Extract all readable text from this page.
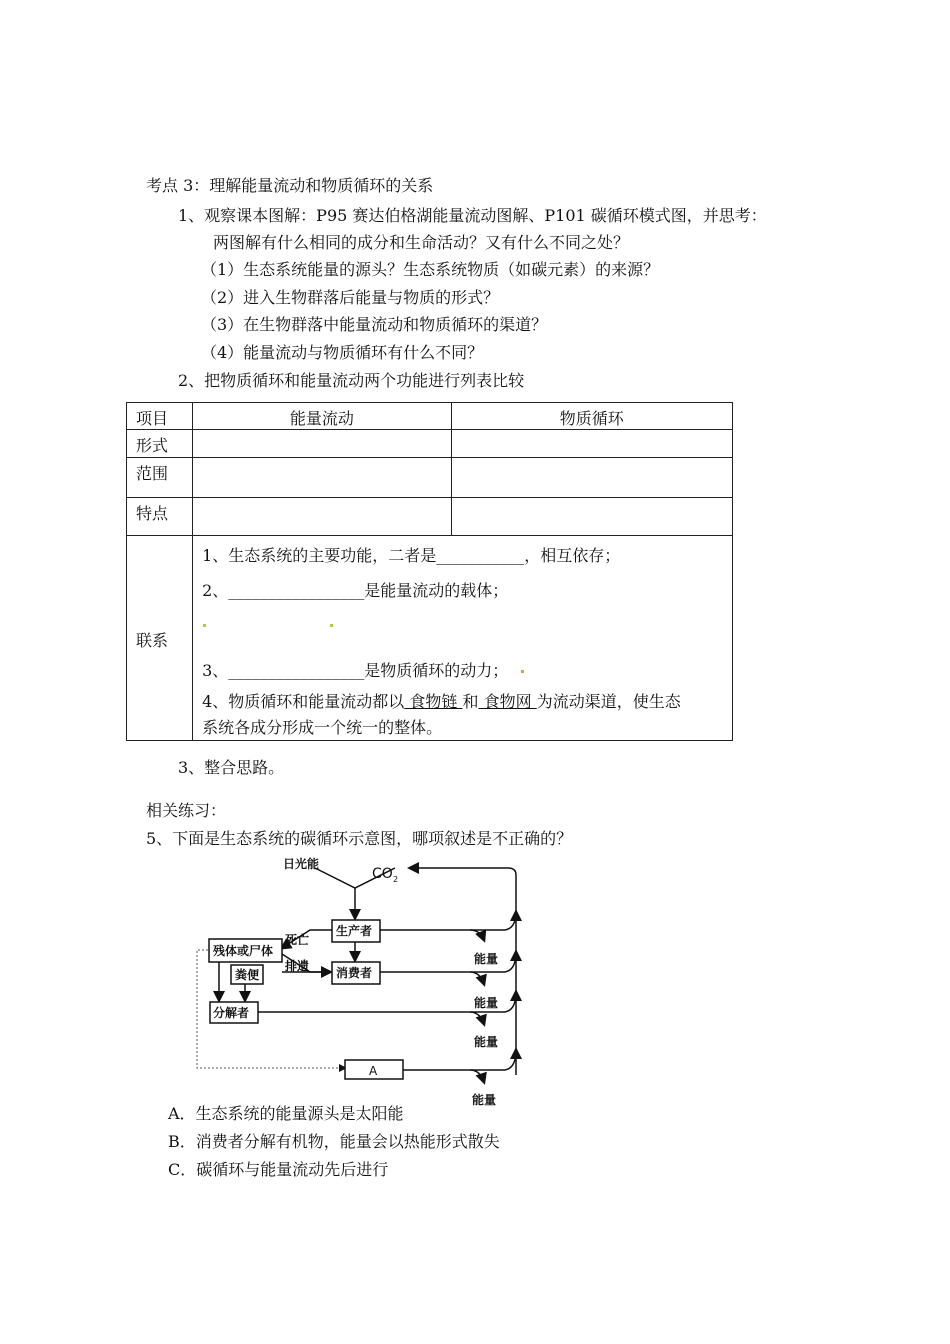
考点 3：理解能量流动和物质循环的关系
1、观察课本图解：P95 赛达伯格湖能量流动图解、P101 碳循环模式图，并思考：
两图解有什么相同的成分和生命活动？又有什么不同之处？
（1）生态系统能量的源头？生态系统物质（如碳元素）的来源？
（2）进入生物群落后能量与物质的形式？
（3）在生物群落中能量流动和物质循环的渠道？
（4）能量流动与物质循环有什么不同？
2、把物质循环和能量流动两个功能进行列表比较
项目	能量流动	物质循环

形式		

范围		

特点		

联系	1、生态系统的主要功能，二者是___________，相互依存；
2、_________________是能量流动的载体；
3、_________________是物质循环的动力；
4、物质循环和能量流动都以 食物链 和 食物网 为流动渠道，使生态
系统各成分形成一个统一的整体。	
3、整合思路。
相关练习：
5、下面是生态系统的碳循环示意图，哪项叙述是不正确的？
日光能
CO 2
生产者
消费者
残体或尸体
粪便
分解者
死亡
排遗	能量
能量
能量
能量
A
A．生态系统的能量源头是太阳能
B．消费者分解有机物，能量会以热能形式散失
C．碳循环与能量流动先后进行
